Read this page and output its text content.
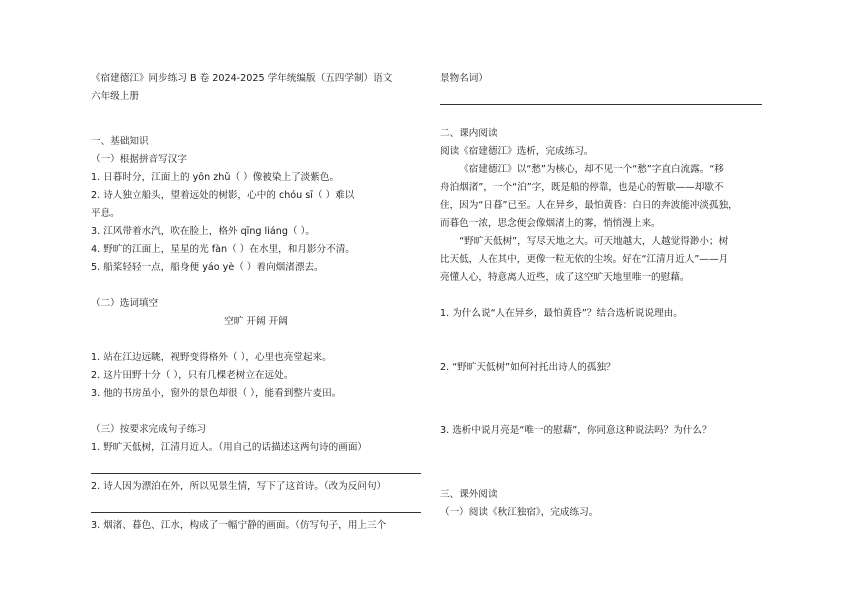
《宿建德江》同步练习 B 卷 2024-2025 学年统编版（五四学制）语文
六年级上册
一、基础知识
（一）根据拼音写汉字
1. 日暮时分，江面上的 yōn zhǔ（ ）像被染上了淡紫色。
2. 诗人独立船头，望着远处的树影，心中的 chóu sī（ ）难以
平息。
3. 江风带着水汽，吹在脸上，格外 qīng liáng（ ）。
4. 野旷的江面上，星星的光 fàn（ ）在水里，和月影分不清。
5. 船桨轻轻一点，船身便 yáo yè（ ）着向烟渚漂去。
（二）选词填空
空旷 开阔 开阔
1. 站在江边远眺，视野变得格外（ ），心里也亮堂起来。
2. 这片田野十分（ ），只有几棵老树立在远处。
3. 他的书房虽小，窗外的景色却很（ ），能看到整片麦田。
（三）按要求完成句子练习
1. 野旷天低树，江清月近人。（用自己的话描述这两句诗的画面）
2. 诗人因为漂泊在外，所以见景生情，写下了这首诗。（改为反问句）
3. 烟渚、暮色、江水，构成了一幅宁静的画面。（仿写句子，用上三个
景物名词）
二、课内阅读
阅读《宿建德江》选析，完成练习。
《宿建德江》以“愁”为核心，却不见一个“愁”字直白流露。“移
舟泊烟渚”，一个“泊”字，既是船的停靠，也是心的暂歇——却歇不
住，因为“日暮”已至。人在异乡，最怕黄昏：白日的奔波能冲淡孤独，
而暮色一浓，思念便会像烟渚上的雾，悄悄漫上来。
“野旷天低树”，写尽天地之大。可天地越大，人越觉得渺小；树
比天低，人在其中，更像一粒无依的尘埃。好在“江清月近人”——月
亮懂人心，特意离人近些，成了这空旷天地里唯一的慰藉。
1. 为什么说“人在异乡，最怕黄昏”？结合选析说说理由。
2. “野旷天低树”如何衬托出诗人的孤独？
3. 选析中说月亮是“唯一的慰藉”，你同意这种说法吗？为什么？
三、课外阅读
（一）阅读《秋江独宿》，完成练习。
